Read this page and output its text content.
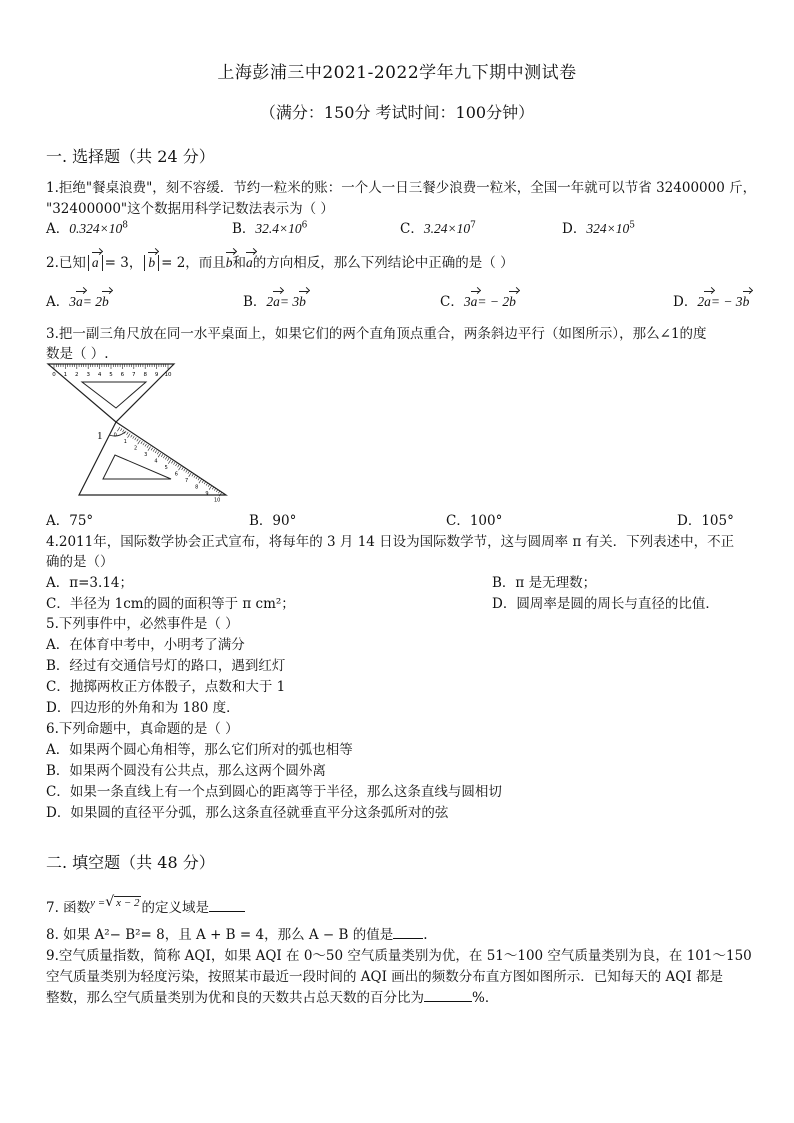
上海彭浦三中2021-2022学年九下期中测试卷
（满分：150分 考试时间：100分钟）
一. 选择题（共 24 分）
1.拒绝"餐桌浪费"，刻不容缓．节约一粒米的账：一个人一日三餐少浪费一粒米，全国一年就可以节省 32400000 斤，
"32400000"这个数据用科学记数法表示为（ ）
A．$0.324\times 10^8$	B．$32.4\times 10^6$	C．$3.24\times 10^7$	D．$324\times 10^5$
2.已知 a = 3， b = 2，而且b和a的方向相反，那么下列结论中正确的是（ ）
A．3a= 2b	B．2a= 3b	C．3a= − 2b	D．2a= − 3b
3.把一副三角尺放在同一水平桌面上，如果它们的两个直角顶点重合，两条斜边平行（如图所示），那么∠1的度
数是（ ）.
1
0 1 2 3 4 5 6 7 8 9 10
0
1
2
3
4
5
6
7
8
9
10
A．75°	B．90°	C．100°	D．105°
4.2011年，国际数学协会正式宣布，将每年的 3 月 14 日设为国际数学节，这与圆周率 π 有关．下列表述中，不正
确的是（）
A．π=3.14；	B．π 是无理数；
C．半径为 1cm的圆的面积等于 π cm²；	D．圆周率是圆的周长与直径的比值．
5.下列事件中，必然事件是（ ）
A．在体育中考中，小明考了满分
B．经过有交通信号灯的路口，遇到红灯
C．抛掷两枚正方体骰子，点数和大于 1
D．四边形的外角和为 180 度．
6.下列命题中，真命题的是（ ）
A．如果两个圆心角相等，那么它们所对的弧也相等
B．如果两个圆没有公共点，那么这两个圆外离
C．如果一条直线上有一个点到圆心的距离等于半径，那么这条直线与圆相切
D．如果圆的直径平分弧，那么这条直径就垂直平分这条弧所对的弦
二. 填空题（共 48 分）
7. 函数$^{y =}$√ x − 2 的定义域是
8. 如果 A²− B²= 8，且 A + B = 4，那么 A − B 的值是 .
9.空气质量指数，简称 AQI，如果 AQI 在 0～50 空气质量类别为优，在 51～100 空气质量类别为良，在 101～150
空气质量类别为轻度污染，按照某市最近一段时间的 AQI 画出的频数分布直方图如图所示．已知每天的 AQI 都是
整数，那么空气质量类别为优和良的天数共占总天数的百分比为	%．
